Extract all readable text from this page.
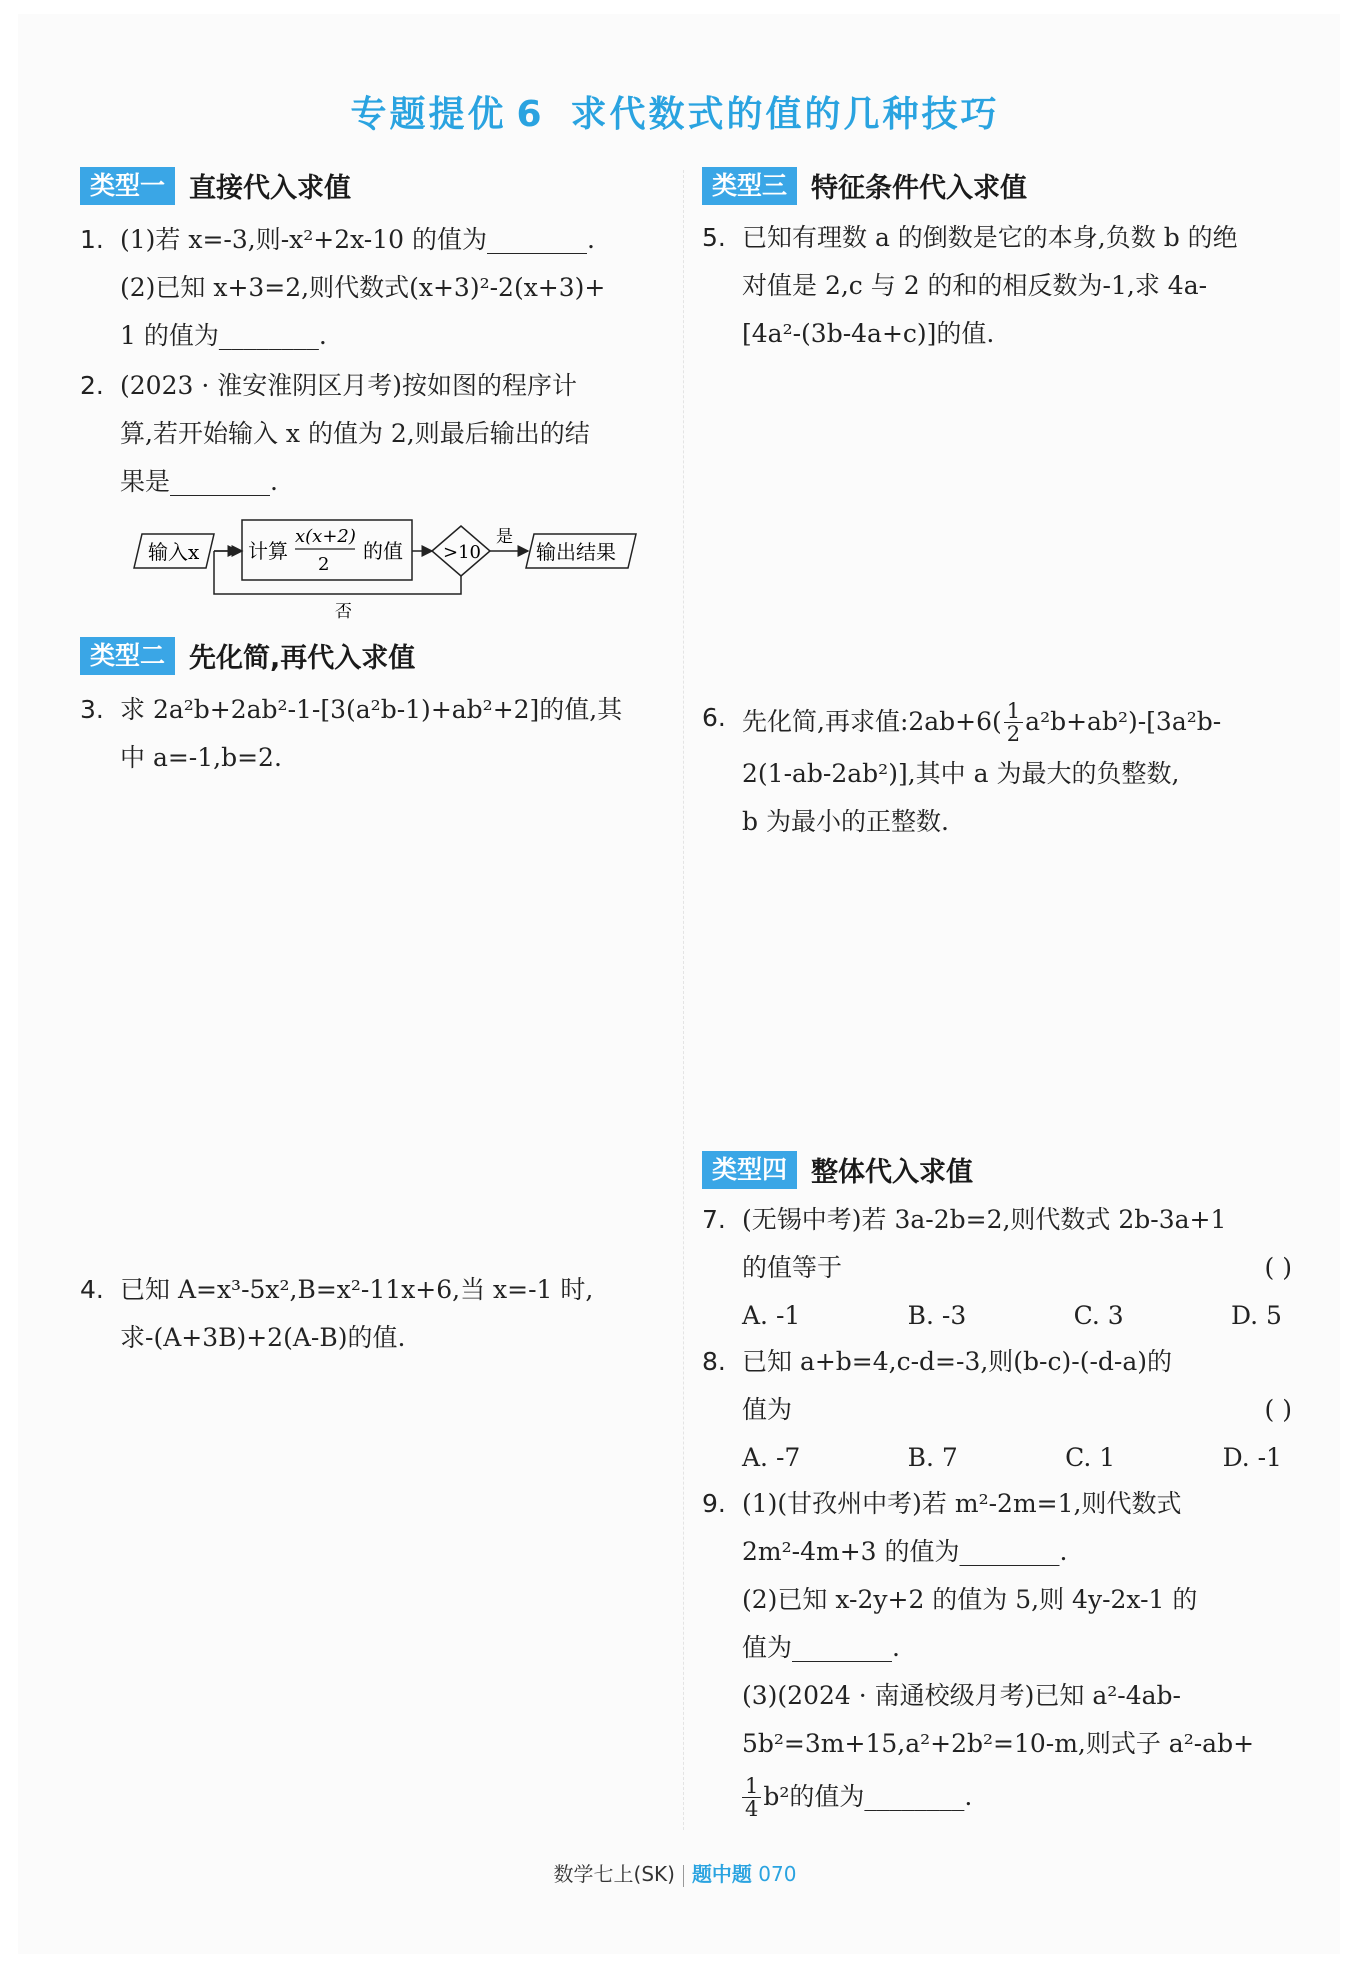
专题提优 6 求代数式的值的几种技巧
类型一 直接代入求值
1. (1)若 x=-3,则-x²+2x-10 的值为________.
(2)已知 x+3=2,则代数式(x+3)²-2(x+3)+
1 的值为________.
2. (2023 · 淮安淮阴区月考)按如图的程序计
算,若开始输入 x 的值为 2,则最后输出的结
果是________.
输入x 计算
x(x+2)
2
的值 >10
是
输出结果
否
类型二 先化简,再代入求值
3. 求 2a²b+2ab²-1-[3(a²b-1)+ab²+2]的值,其
中 a=-1,b=2.
4. 已知 A=x³-5x²,B=x²-11x+6,当 x=-1 时,
求-(A+3B)+2(A-B)的值.
类型三 特征条件代入求值
5. 已知有理数 a 的倒数是它的本身,负数 b 的绝
对值是 2,c 与 2 的和的相反数为-1,求 4a-
[4a²-(3b-4a+c)]的值.
6. 先化简,再求值:2ab+6( 1
2 a²b+ab²)-[3a²b-
2(1-ab-2ab²)],其中 a 为最大的负整数,
b 为最小的正整数.
类型四 整体代入求值
7. (无锡中考)若 3a-2b=2,则代数式 2b-3a+1
的值等于	( )
A. -1	B. -3	C. 3	D. 5
8. 已知 a+b=4,c-d=-3,则(b-c)-(-d-a)的
值为	( )
A. -7	B. 7	C. 1	D. -1
9. (1)(甘孜州中考)若 m²-2m=1,则代数式
2m²-4m+3 的值为________.
(2)已知 x-2y+2 的值为 5,则 4y-2x-1 的
值为________.
(3)(2024 · 南通校级月考)已知 a²-4ab-
5b²=3m+15,a²+2b²=10-m,则式子 a²-ab+
1
4 b²的值为________.
数学七上(SK) 题中题 070
